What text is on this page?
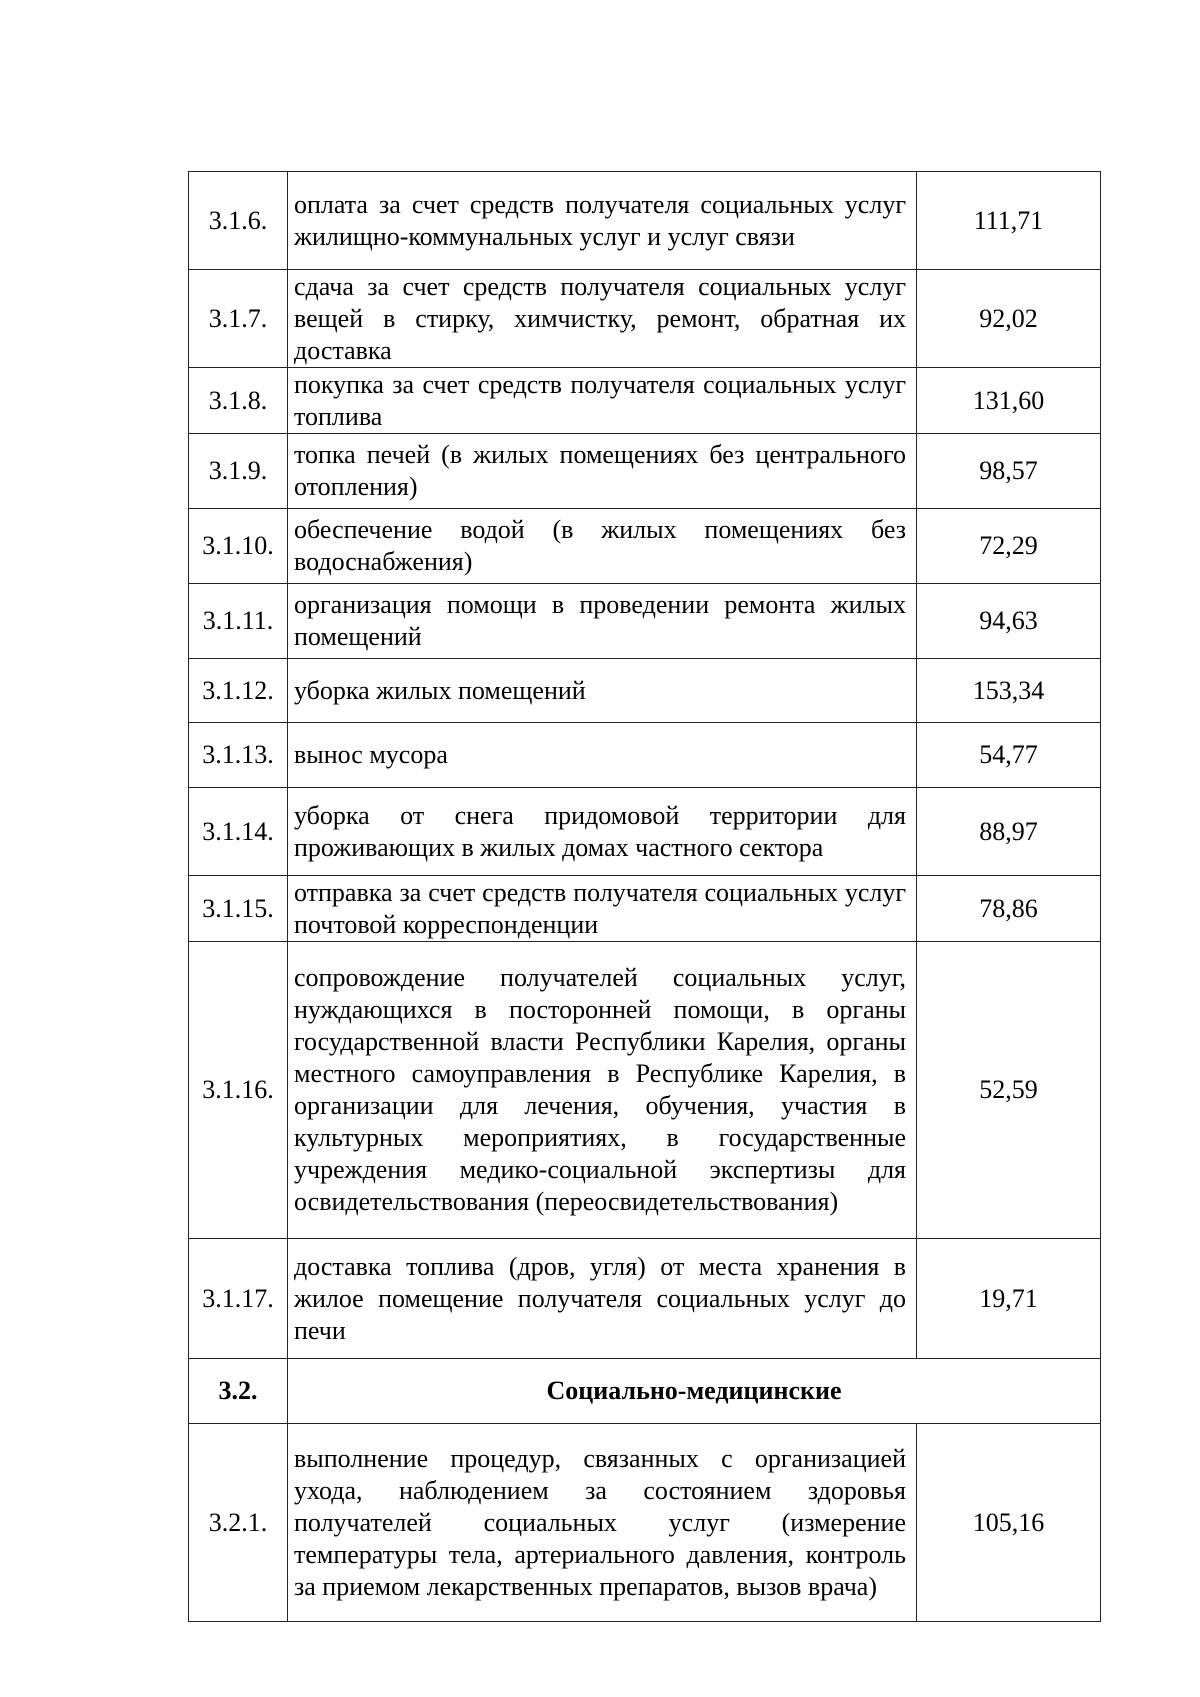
3.1.6.	оплата за счет средств получателя социальных услуг жилищно-коммунальных услуг и услуг связи	111,71
3.1.7.	сдача за счет средств получателя социальных услуг вещей в стирку, химчистку, ремонт, обратная их доставка	92,02
3.1.8.	покупка за счет средств получателя социальных услуг топлива	131,60
3.1.9.	топка печей (в жилых помещениях без центрального отопления)	98,57
3.1.10.	обеспечение водой (в жилых помещениях без водоснабжения)	72,29
3.1.11.	организация помощи в проведении ремонта жилых помещений	94,63
3.1.12.	уборка жилых помещений	153,34
3.1.13.	вынос мусора	54,77
3.1.14.	уборка от снега придомовой территории для проживающих в жилых домах частного сектора	88,97
3.1.15.	отправка за счет средств получателя социальных услуг почтовой корреспонденции	78,86
3.1.16.	сопровождение получателей социальных услуг, нуждающихся в посторонней помощи, в органы государственной власти Республики Карелия, органы местного самоуправления в Республике Карелия, в организации для лечения, обучения, участия в культурных мероприятиях, в государственные учреждения медико-социальной экспертизы для освидетельствования (переосвидетельствования)	52,59
3.1.17.	доставка топлива (дров, угля) от места хранения в жилое помещение получателя социальных услуг до печи	19,71
3.2.	Социально-медицинские	
3.2.1.	выполнение процедур, связанных с организацией ухода, наблюдением за состоянием здоровья получателей социальных услуг (измерение температуры тела, артериального давления, контроль за приемом лекарственных препаратов, вызов врача)	105,16
